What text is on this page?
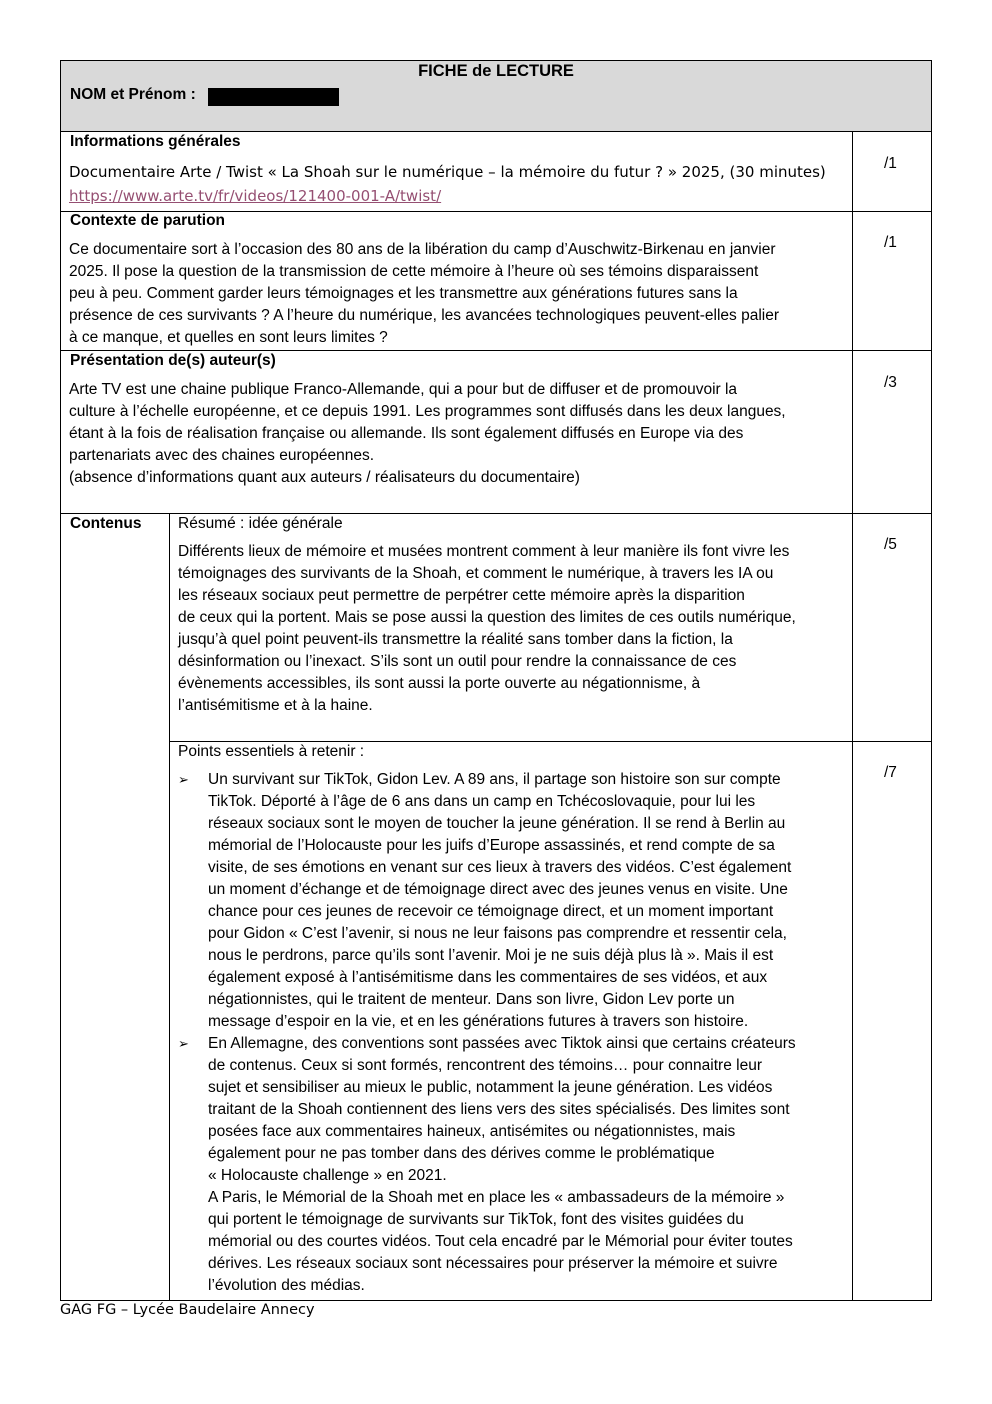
FICHE de LECTURE
NOM et Prénom :
Informations générales
Documentaire Arte / Twist « La Shoah sur le numérique – la mémoire du futur ? » 2025, (30 minutes)
https://www.arte.tv/fr/videos/121400-001-A/twist/
/1
Contexte de parution
Ce documentaire sort à l’occasion des 80 ans de la libération du camp d’Auschwitz-Birkenau en janvier
2025. Il pose la question de la transmission de cette mémoire à l’heure où ses témoins disparaissent
peu à peu. Comment garder leurs témoignages et les transmettre aux générations futures sans la
présence de ces survivants ? A l’heure du numérique, les avancées technologiques peuvent-elles palier
à ce manque, et quelles en sont leurs limites ?
/1
Présentation de(s) auteur(s)
Arte TV est une chaine publique Franco-Allemande, qui a pour but de diffuser et de promouvoir la
culture à l’échelle européenne, et ce depuis 1991. Les programmes sont diffusés dans les deux langues,
étant à la fois de réalisation française ou allemande. Ils sont également diffusés en Europe via des
partenariats avec des chaines européennes.
(absence d’informations quant aux auteurs / réalisateurs du documentaire)
/3
Contenus Résumé : idée générale
Différents lieux de mémoire et musées montrent comment à leur manière ils font vivre les
témoignages des survivants de la Shoah, et comment le numérique, à travers les IA ou
les réseaux sociaux peut permettre de perpétrer cette mémoire après la disparition
de ceux qui la portent. Mais se pose aussi la question des limites de ces outils numérique,
jusqu’à quel point peuvent-ils transmettre la réalité sans tomber dans la fiction, la
désinformation ou l’inexact. S’ils sont un outil pour rendre la connaissance de ces
évènements accessibles, ils sont aussi la porte ouverte au négationnisme, à
l’antisémitisme et à la haine.
/5
Points essentiels à retenir :
/7
➢ Un survivant sur TikTok, Gidon Lev. A 89 ans, il partage son histoire son sur compte
TikTok. Déporté à l’âge de 6 ans dans un camp en Tchécoslovaquie, pour lui les
réseaux sociaux sont le moyen de toucher la jeune génération. Il se rend à Berlin au
mémorial de l’Holocauste pour les juifs d’Europe assassinés, et rend compte de sa
visite, de ses émotions en venant sur ces lieux à travers des vidéos. C’est également
un moment d’échange et de témoignage direct avec des jeunes venus en visite. Une
chance pour ces jeunes de recevoir ce témoignage direct, et un moment important
pour Gidon « C’est l’avenir, si nous ne leur faisons pas comprendre et ressentir cela,
nous le perdrons, parce qu’ils sont l’avenir. Moi je ne suis déjà plus là ». Mais il est
également exposé à l’antisémitisme dans les commentaires de ses vidéos, et aux
négationnistes, qui le traitent de menteur. Dans son livre, Gidon Lev porte un
message d’espoir en la vie, et en les générations futures à travers son histoire.
➢ En Allemagne, des conventions sont passées avec Tiktok ainsi que certains créateurs
de contenus. Ceux si sont formés, rencontrent des témoins… pour connaitre leur
sujet et sensibiliser au mieux le public, notamment la jeune génération. Les vidéos
traitant de la Shoah contiennent des liens vers des sites spécialisés. Des limites sont
posées face aux commentaires haineux, antisémites ou négationnistes, mais
également pour ne pas tomber dans des dérives comme le problématique
« Holocauste challenge » en 2021.
A Paris, le Mémorial de la Shoah met en place les « ambassadeurs de la mémoire »
qui portent le témoignage de survivants sur TikTok, font des visites guidées du
mémorial ou des courtes vidéos. Tout cela encadré par le Mémorial pour éviter toutes
dérives. Les réseaux sociaux sont nécessaires pour préserver la mémoire et suivre
l’évolution des médias.
GAG FG – Lycée Baudelaire Annecy
